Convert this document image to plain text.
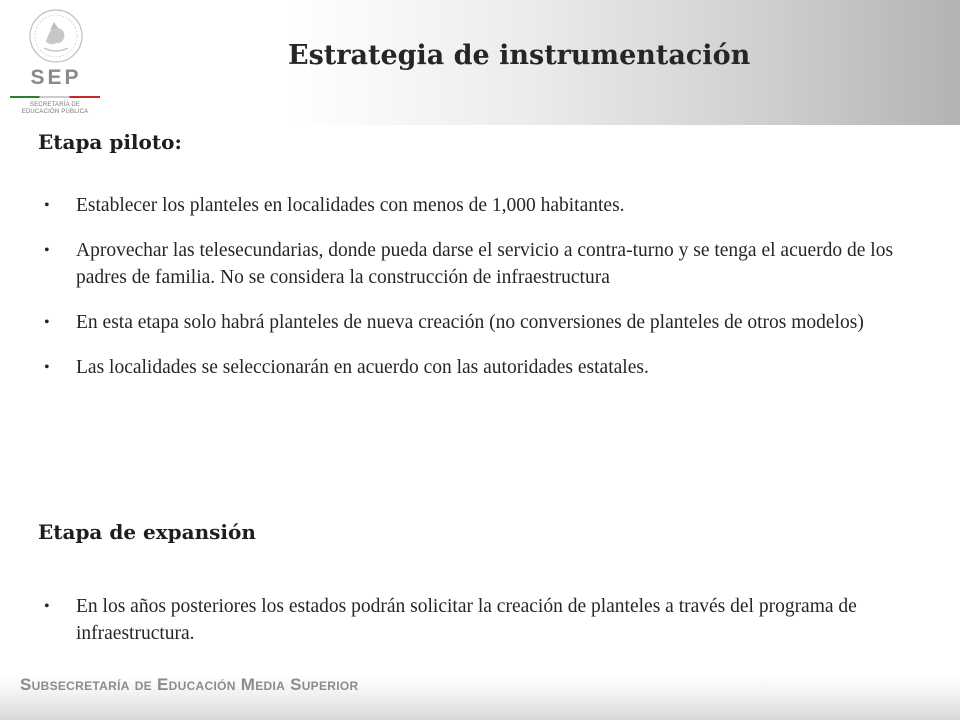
SEP
SECRETARÍA DE
EDUCACIÓN PÚBLICA
Estrategia de instrumentación
Etapa piloto:
• Establecer los planteles en localidades con menos de 1,000 habitantes.
• Aprovechar las telesecundarias, donde pueda darse el servicio a contra-turno y se tenga el acuerdo de los padres de familia. No se considera la construcción de infraestructura
• En esta etapa solo habrá planteles de nueva creación (no conversiones de planteles de otros modelos)
• Las localidades se seleccionarán en acuerdo con las autoridades estatales.
Etapa de expansión
• En los años posteriores los estados podrán solicitar la creación de planteles a través del programa de infraestructura.
Subsecretaría de Educación Media Superior
